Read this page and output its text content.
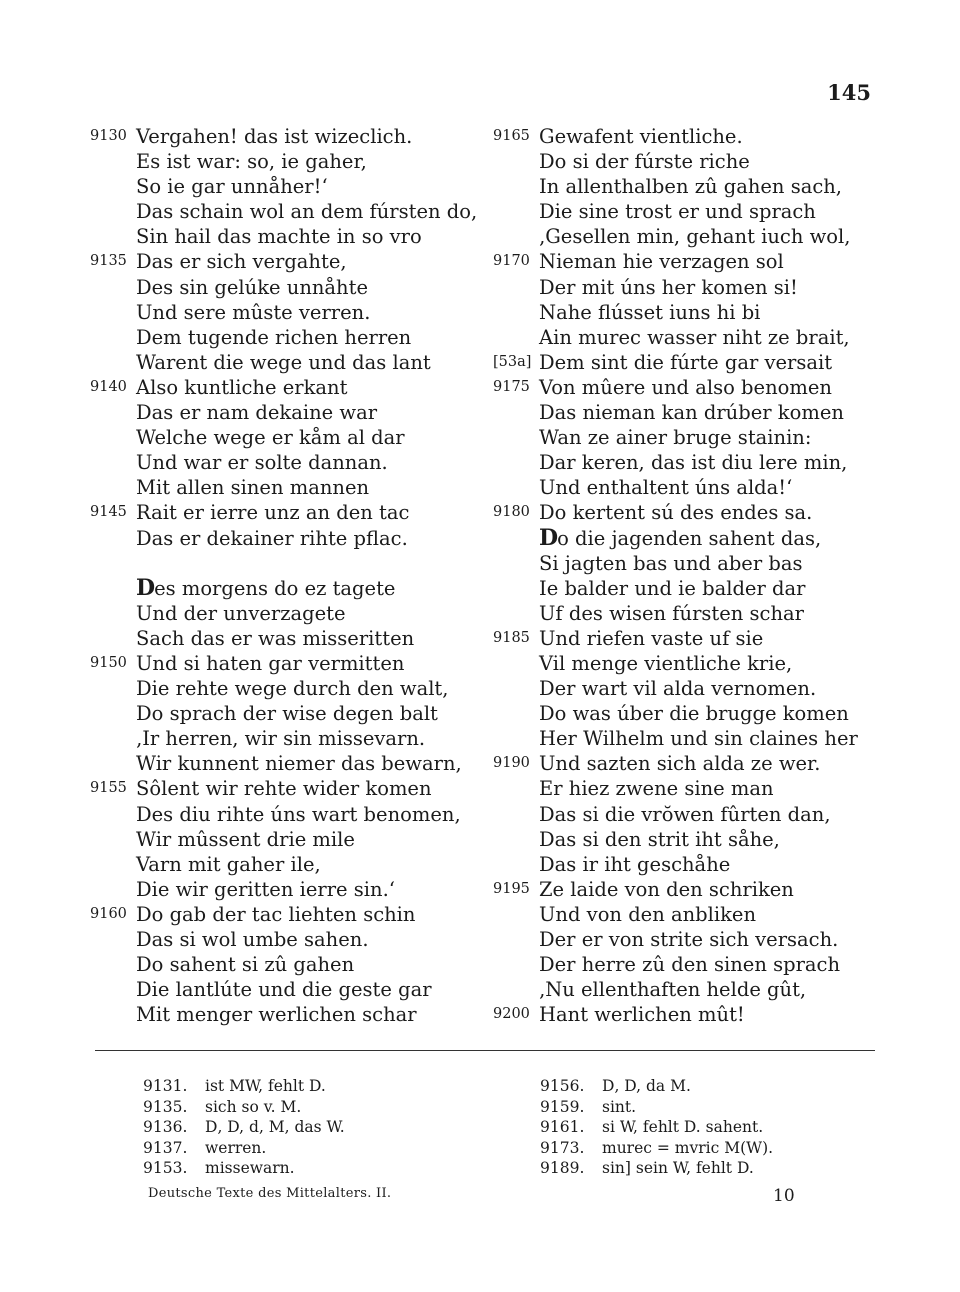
145
9130 Vergahen! das ist wizeclich.
Es ist war: so, ie gaher,
So ie gar unnåher!‘
Das schain wol an dem fúrsten do,
Sin hail das machte in so vro
9135 Das er sich vergahte,
Des sin gelúke unnåhte
Und sere mûste verren.
Dem tugende richen herren
Warent die wege und das lant
9140 Also kuntliche erkant
Das er nam dekaine war
Welche wege er kåm al dar
Und war er solte dannan.
Mit allen sinen mannen
9145 Rait er ierre unz an den tac
Das er dekainer rihte pflac.
Des morgens do ez tagete
Und der unverzagete
Sach das er was misseritten
9150 Und si haten gar vermitten
Die rehte wege durch den walt,
Do sprach der wise degen balt
‚Ir herren, wir sin missevarn.
Wir kunnent niemer das bewarn,
9155 Sôlent wir rehte wider komen
Des diu rihte úns wart benomen,
Wir mûssent drie mile
Varn mit gaher ile,
Die wir geritten ierre sin.‘
9160 Do gab der tac liehten schin
Das si wol umbe sahen.
Do sahent si zû gahen
Die lantlúte und die geste gar
Mit menger werlichen schar
9165 Gewafent vientliche.
Do si der fúrste riche
In allenthalben zû gahen sach,
Die sine trost er und sprach
‚Gesellen min, gehant iuch wol,
9170 Nieman hie verzagen sol
Der mit úns her komen si!
Nahe flússet iuns hi bi
Ain murec wasser niht ze brait,
[53a] Dem sint die fúrte gar versait
9175 Von mûere und also benomen
Das nieman kan drúber komen
Wan ze ainer bruge stainin:
Dar keren, das ist diu lere min,
Und enthaltent úns alda!‘
9180 Do kertent sú des endes sa.
Do die jagenden sahent das,
Si jagten bas und aber bas
Ie balder und ie balder dar
Uf des wisen fúrsten schar
9185 Und riefen vaste uf sie
Vil menge vientliche krie,
Der wart vil alda vernomen.
Do was úber die brugge komen
Her Wilhelm und sin claines her
9190 Und sazten sich alda ze wer.
Er hiez zwene sine man
Das si die vrŏwen fûrten dan,
Das si den strit iht såhe,
Das ir iht geschåhe
9195 Ze laide von den schriken
Und von den anbliken
Der er von strite sich versach.
Der herre zû den sinen sprach
‚Nu ellenthaften helde gût,
9200 Hant werlichen mût!
9131. ist MW, fehlt D.
9135. sich so v. M.
9136. D‚ D, d‚ M, das W.
9137. werren.
9153. missewarn.
9156. D‚ D, da M.
9159. sint.
9161. si W, fehlt D. sahent.
9173. murec = mvric M(W).
9189. sin] sein W, fehlt D.
Deutsche Texte des Mittelalters. II.	10
